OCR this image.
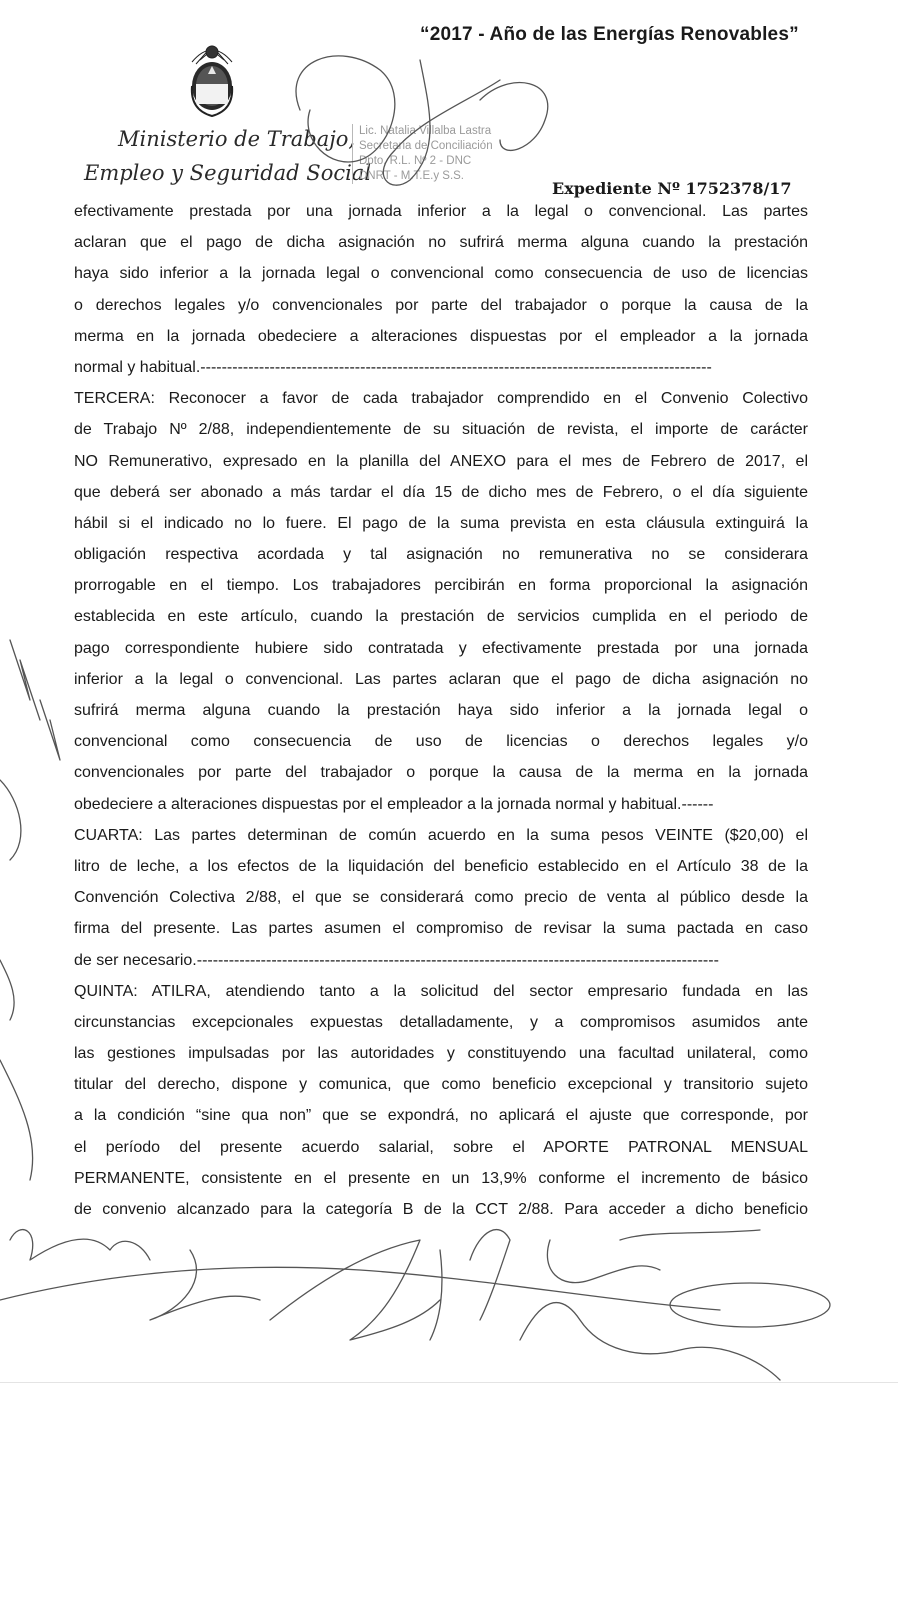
“2017 - Año de las Energías Renovables”
Ministerio de Trabajo,
Empleo y Seguridad Social
Lic. Natalia Villalba Lastra
Secretaria de Conciliación
Dpto. R.L. Nº 2 - DNC
DNRT - M.T.E.y S.S.
Expediente Nº 1752378/17
efectivamente prestada por una jornada inferior a la legal o convencional. Las partes
aclaran que el pago de dicha asignación no sufrirá merma alguna cuando la prestación
haya sido inferior a la jornada legal o convencional como consecuencia de uso de licencias
o derechos legales y/o convencionales por parte del trabajador o porque la causa de la
merma en la jornada obedeciere a alteraciones dispuestas por el empleador a la jornada
normal y habitual.------------------------------------------------------------------------------------------------
TERCERA: Reconocer a favor de cada trabajador comprendido en el Convenio Colectivo
de Trabajo Nº 2/88, independientemente de su situación de revista, el importe de carácter
NO Remunerativo, expresado en la planilla del ANEXO para el mes de Febrero de 2017, el
que deberá ser abonado a más tardar el día 15 de dicho mes de Febrero, o el día siguiente
hábil si el indicado no lo fuere. El pago de la suma prevista en esta cláusula extinguirá la
obligación respectiva acordada y tal asignación no remunerativa no se considerara
prorrogable en el tiempo. Los trabajadores percibirán en forma proporcional la asignación
establecida en este artículo, cuando la prestación de servicios cumplida en el periodo de
pago correspondiente hubiere sido contratada y efectivamente prestada por una jornada
inferior a la legal o convencional. Las partes aclaran que el pago de dicha asignación no
sufrirá merma alguna cuando la prestación haya sido inferior a la jornada legal o
convencional como consecuencia de uso de licencias o derechos legales y/o
convencionales por parte del trabajador o porque la causa de la merma en la jornada
obedeciere a alteraciones dispuestas por el empleador a la jornada normal y habitual.------
CUARTA: Las partes determinan de común acuerdo en la suma pesos VEINTE ($20,00) el
litro de leche, a los efectos de la liquidación del beneficio establecido en el Artículo 38 de la
Convención Colectiva 2/88, el que se considerará como precio de venta al público desde la
firma del presente. Las partes asumen el compromiso de revisar la suma pactada en caso
de ser necesario.--------------------------------------------------------------------------------------------------
QUINTA: ATILRA, atendiendo tanto a la solicitud del sector empresario fundada en las
circunstancias excepcionales expuestas detalladamente, y a compromisos asumidos ante
las gestiones impulsadas por las autoridades y constituyendo una facultad unilateral, como
titular del derecho, dispone y comunica, que como beneficio excepcional y transitorio sujeto
a la condición “sine qua non” que se expondrá, no aplicará el ajuste que corresponde, por
el período del presente acuerdo salarial, sobre el APORTE PATRONAL MENSUAL
PERMANENTE, consistente en el presente en un 13,9% conforme el incremento de básico
de convenio alcanzado para la categoría B de la CCT 2/88. Para acceder a dicho beneficio
